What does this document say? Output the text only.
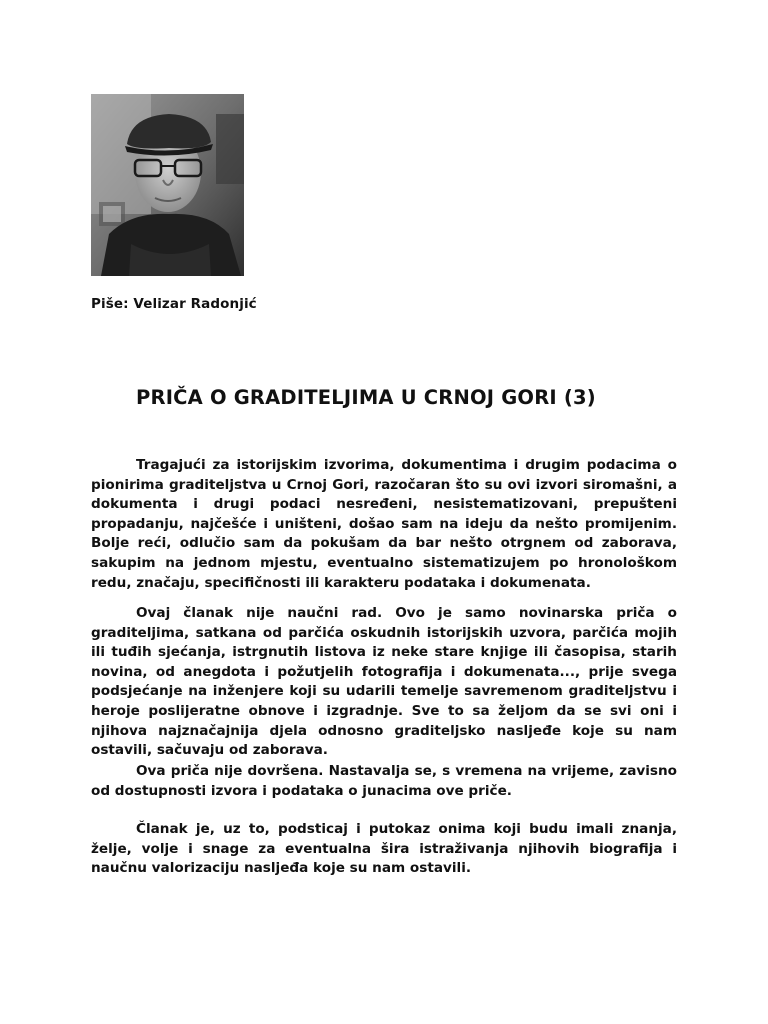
Piše: Velizar Radonjić
PRIČA O GRADITELJIMA U CRNOJ GORI (3)

Tragajući za istorijskim izvorima, dokumentima i drugim podacima o pionirima graditeljstva u Crnoj Gori, razočaran što su ovi izvori siromašni, a dokumenta i drugi podaci nesređeni, nesistematizovani, prepušteni propadanju, najčešće i uništeni, došao sam na ideju da nešto promijenim. Bolje reći, odlučio sam da pokušam da bar nešto otrgnem od zaborava, sakupim na jednom mjestu, eventualno sistematizujem po hronološkom redu, značaju, specifičnosti ili karakteru podataka i dokumenata.

Ovaj članak nije naučni rad. Ovo je samo novinarska priča o graditeljima, satkana od parčića oskudnih istorijskih uzvora, parčića mojih ili tuđih sjećanja, istrgnutih listova iz neke stare knjige ili časopisa, starih novina, od anegdota i požutjelih fotografija i dokumenata..., prije svega podsjećanje na inženjere koji su udarili temelje savremenom graditeljstvu i heroje poslijeratne obnove i izgradnje. Sve to sa željom da se svi oni i njihova najznačajnija djela odnosno graditeljsko nasljeđe koje su nam ostavili, sačuvaju od zaborava.

Ova priča nije dovršena. Nastavalja se, s vremena na vrijeme, zavisno od dostupnosti izvora i podataka o junacima ove priče.

Članak je, uz to, podsticaj i putokaz onima koji budu imali znanja, želje, volje i snage za eventualna šira istraživanja njihovih biografija i naučnu valorizaciju nasljeđa koje su nam ostavili.
